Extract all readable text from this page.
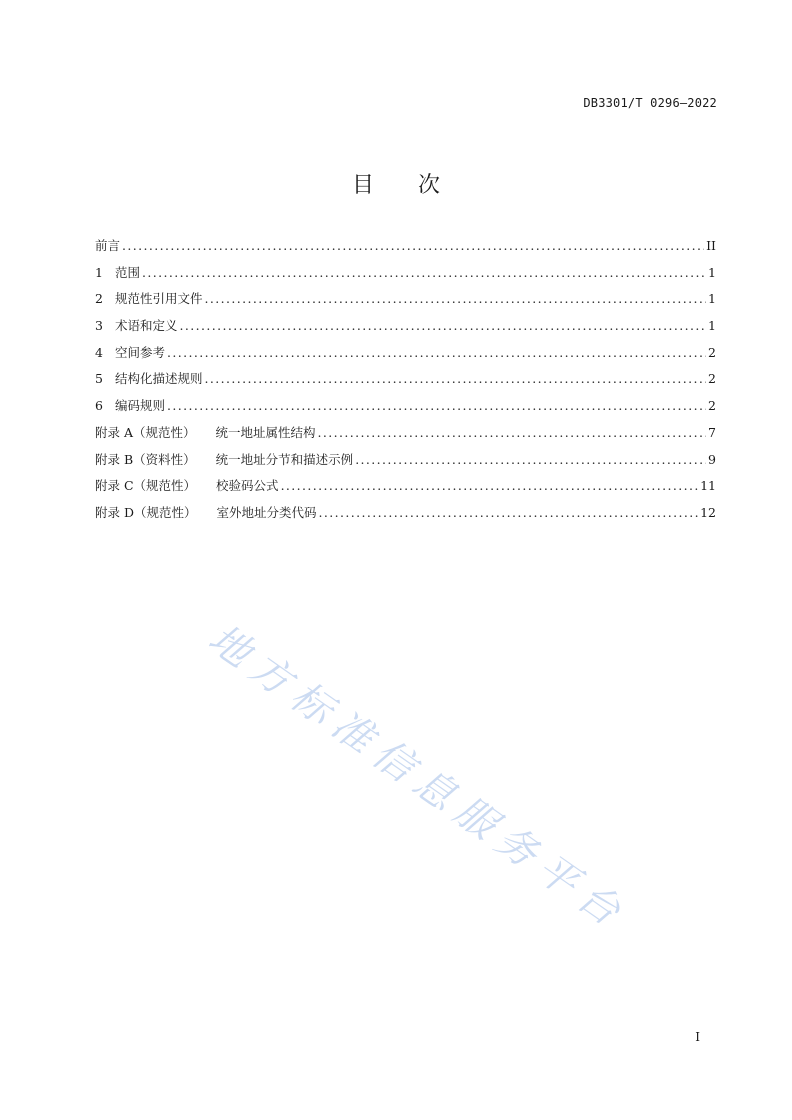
DB3301/T 0296—2022
目次
前言 .....	II
1 范围 .....	1
2 规范性引用文件 .....	1
3 术语和定义 .....	1
4 空间参考 .....	2
5 结构化描述规则 .....	2
6 编码规则 .....	2
附录 A（规范性） 统一地址属性结构 .....	7
附录 B（资料性） 统一地址分节和描述示例 .....	9
附录 C（规范性） 校验码公式 .....	11
附录 D（规范性） 室外地址分类代码 .....	12
地方标准信息服务平台
I
